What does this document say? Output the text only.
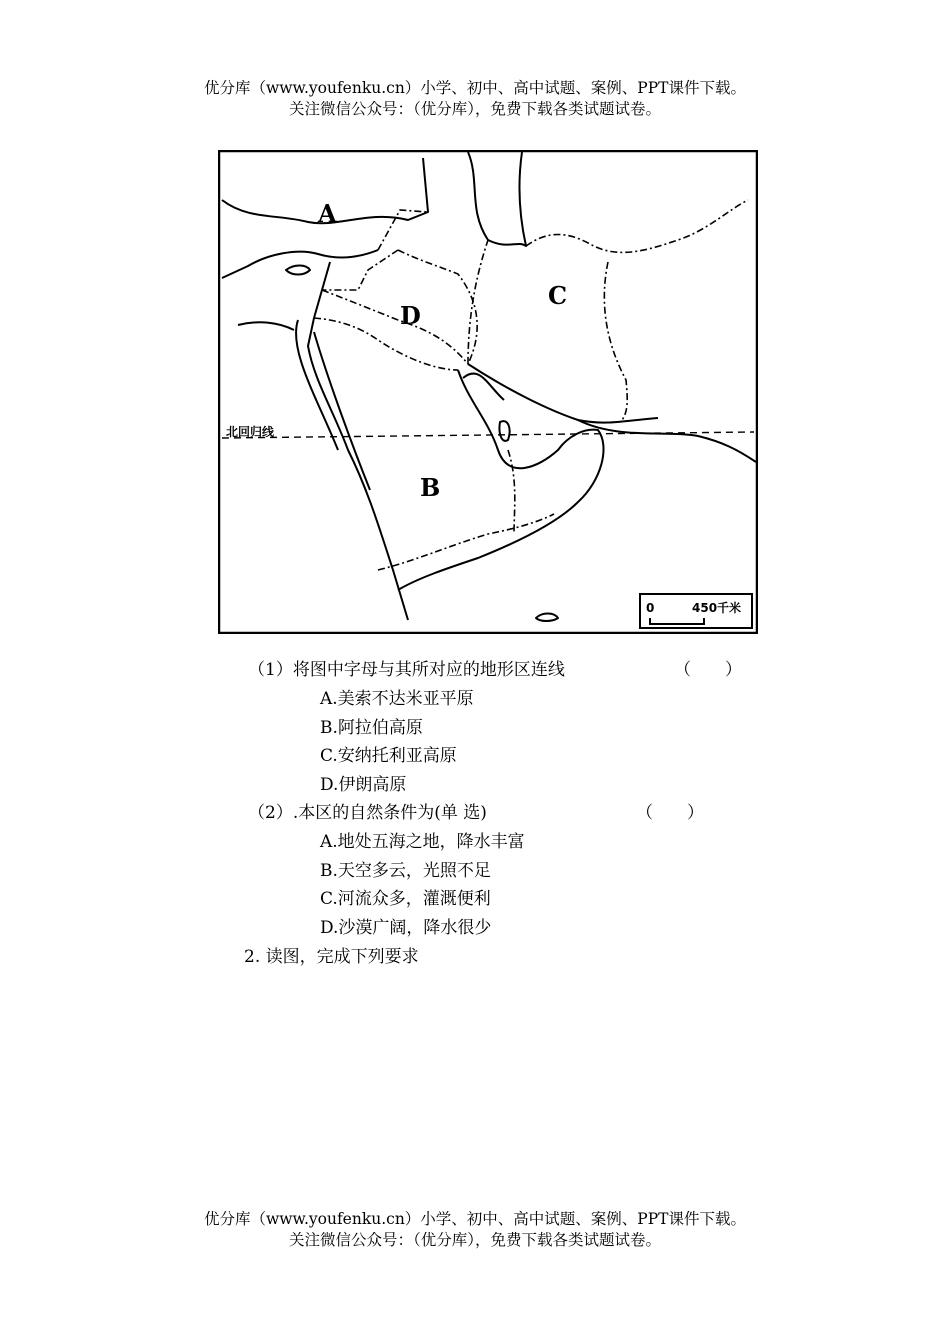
优分库（www.youfenku.cn）小学、初中、高中试题、案例、PPT课件下载。
关注微信公众号：（优分库），免费下载各类试题试卷。
A
B
C
D
北回归线
0	450千米
（1）将图中字母与其所对应的地形区连线	（　　）
A.美索不达米亚平原
B.阿拉伯高原
C.安纳托利亚高原
D.伊朗高原
（2）.本区的自然条件为(单 选)	（　　）
A.地处五海之地，降水丰富
B.天空多云，光照不足
C.河流众多，灌溉便利
D.沙漠广阔，降水很少
2. 读图，完成下列要求
优分库（www.youfenku.cn）小学、初中、高中试题、案例、PPT课件下载。
关注微信公众号：（优分库），免费下载各类试题试卷。
